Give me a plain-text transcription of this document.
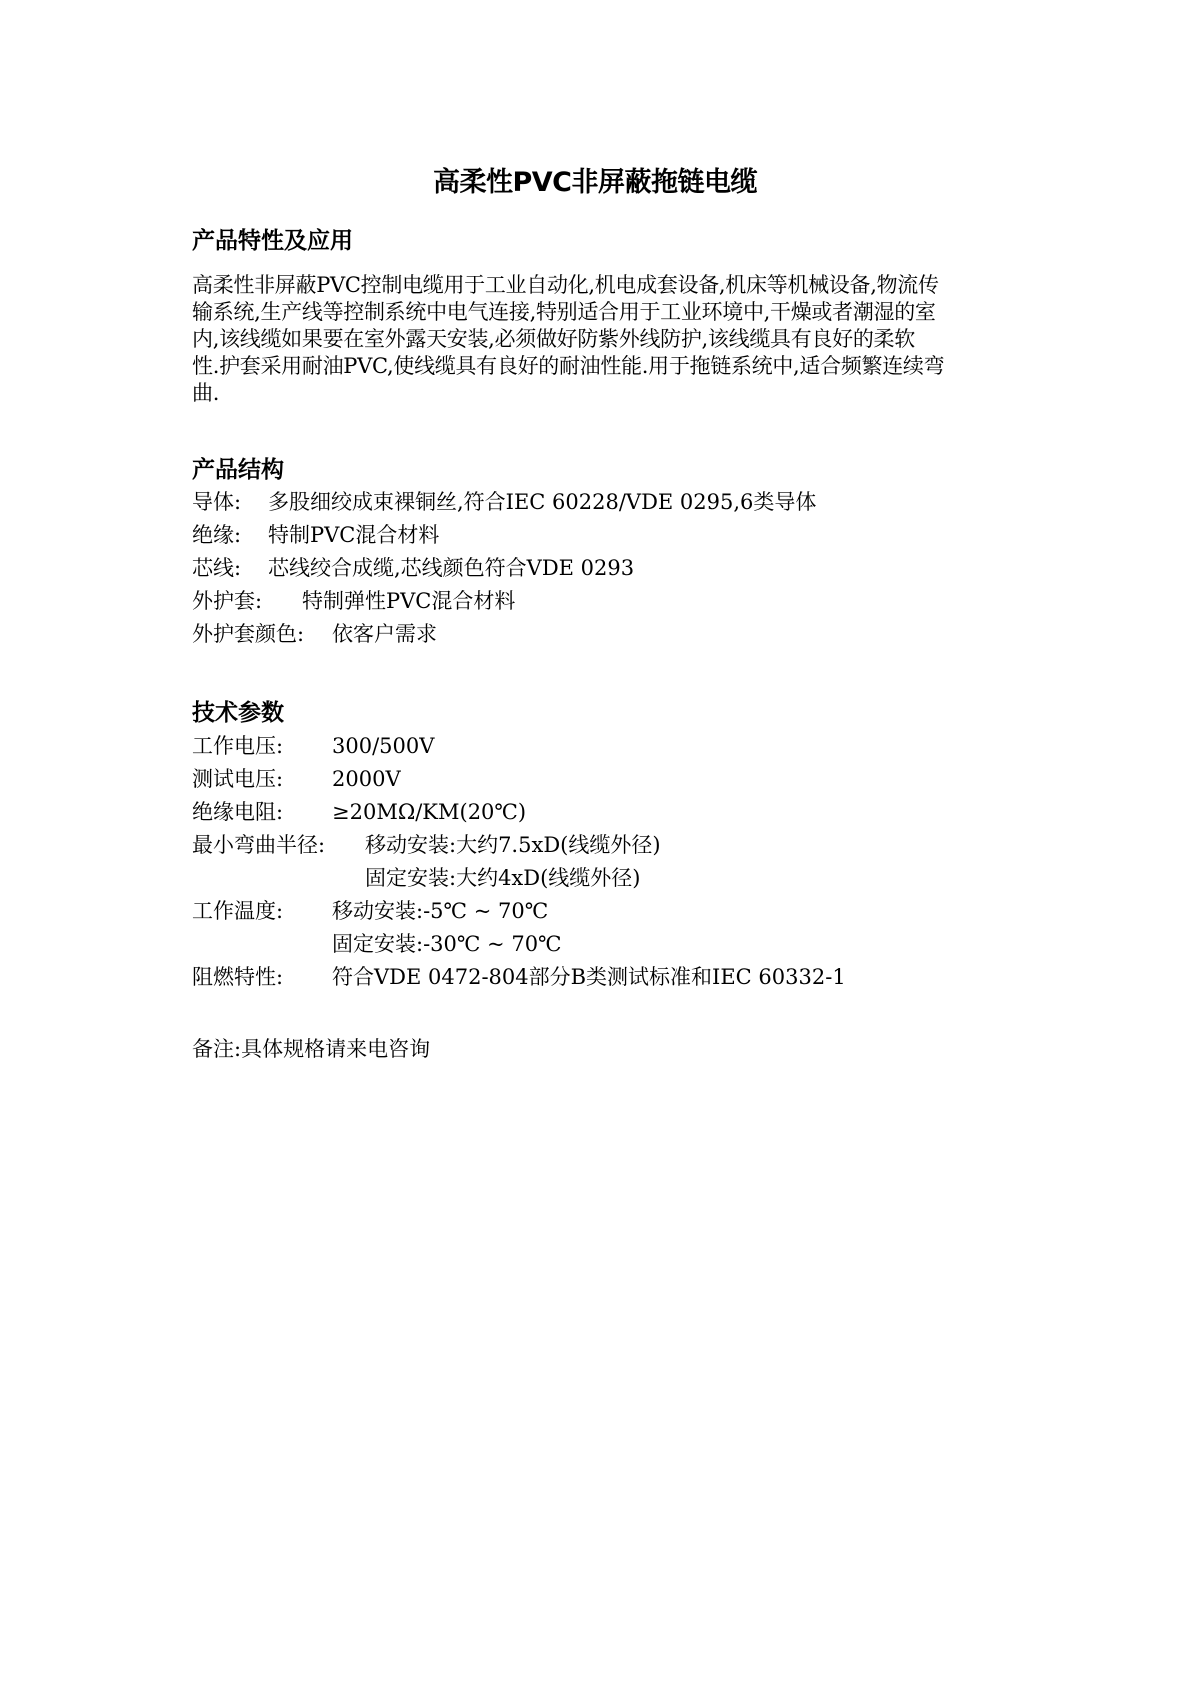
高柔性PVC非屏蔽拖链电缆
产品特性及应用
高柔性非屏蔽PVC控制电缆用于工业自动化,机电成套设备,机床等机械设备,物流传
输系统,生产线等控制系统中电气连接,特别适合用于工业环境中,干燥或者潮湿的室
内,该线缆如果要在室外露天安装,必须做好防紫外线防护,该线缆具有良好的柔软
性.护套采用耐油PVC,使线缆具有良好的耐油性能.用于拖链系统中,适合频繁连续弯
曲.
产品结构
导体: 多股细绞成束裸铜丝,符合IEC 60228/VDE 0295,6类导体
绝缘: 特制PVC混合材料
芯线: 芯线绞合成缆,芯线颜色符合VDE 0293
外护套: 特制弹性PVC混合材料
外护套颜色: 依客户需求
技术参数
工作电压: 300/500V
测试电压: 2000V
绝缘电阻: ≥20MΩ/KM(20℃)
最小弯曲半径: 移动安装:大约7.5xD(线缆外径)
固定安装:大约4xD(线缆外径)
工作温度: 移动安装:-5℃ ~ 70℃
固定安装:-30℃ ~ 70℃
阻燃特性: 符合VDE 0472-804部分B类测试标准和IEC 60332-1
备注:具体规格请来电咨询
